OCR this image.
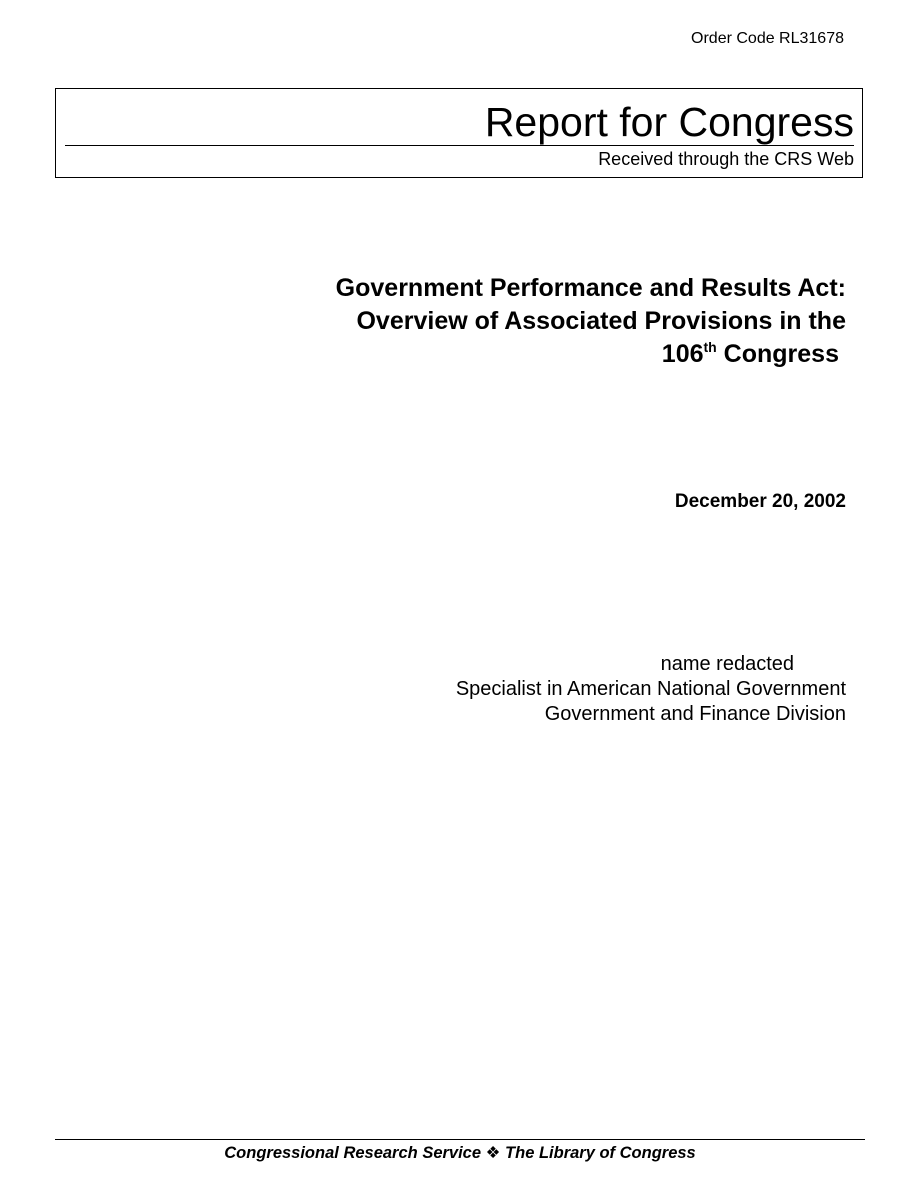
Order Code RL31678
Report for Congress
Received through the CRS Web
Government Performance and Results Act:
Overview of Associated Provisions in the
106th Congress
December 20, 2002
name redacted
Specialist in American National Government
Government and Finance Division
Congressional Research Service ❖ The Library of Congress
